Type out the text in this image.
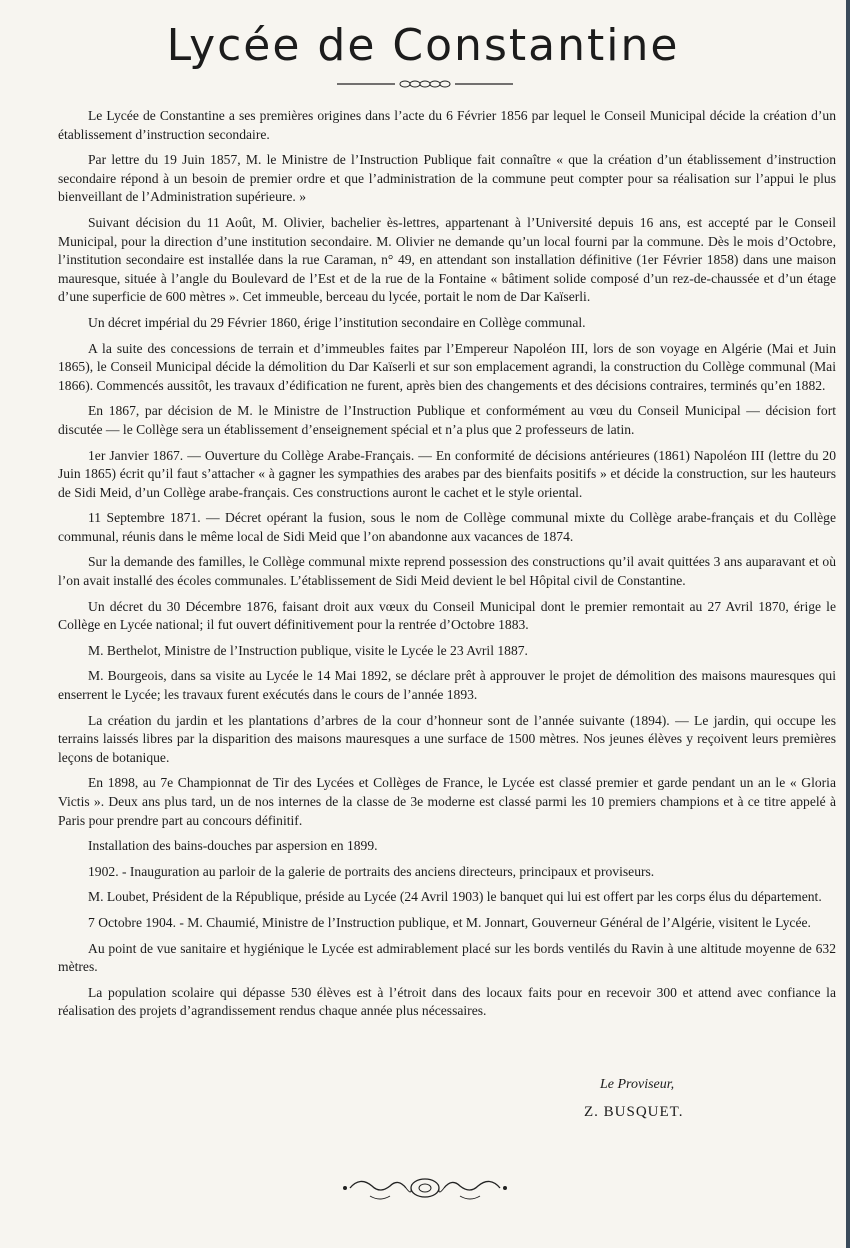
Lycée de Constantine

Le Lycée de Constantine a ses premières origines dans l’acte du 6 Février 1856 par lequel le Conseil Municipal décide la création d’un établissement d’instruction secondaire.

Par lettre du 19 Juin 1857, M. le Ministre de l’Instruction Publique fait connaître « que la création d’un établissement d’instruction secondaire répond à un besoin de premier ordre et que l’administration de la commune peut compter pour sa réalisation sur l’appui le plus bienveillant de l’Administration supérieure. »

Suivant décision du 11 Août, M. Olivier, bachelier ès-lettres, appartenant à l’Université depuis 16 ans, est accepté par le Conseil Municipal, pour la direction d’une institution secondaire. M. Olivier ne demande qu’un local fourni par la commune. Dès le mois d’Octobre, l’institution secondaire est installée dans la rue Caraman, n° 49, en attendant son installation définitive (1er Février 1858) dans une maison mauresque, située à l’angle du Boulevard de l’Est et de la rue de la Fontaine « bâtiment solide composé d’un rez-de-chaussée et d’un étage d’une superficie de 600 mètres ». Cet immeuble, berceau du lycée, portait le nom de Dar Kaïserli.

Un décret impérial du 29 Février 1860, érige l’institution secondaire en Collège communal.

A la suite des concessions de terrain et d’immeubles faites par l’Empereur Napoléon III, lors de son voyage en Algérie (Mai et Juin 1865), le Conseil Municipal décide la démolition du Dar Kaïserli et sur son emplacement agrandi, la construction du Collège communal (Mai 1866). Commencés aussitôt, les travaux d’édification ne furent, après bien des changements et des décisions contraires, terminés qu’en 1882.

En 1867, par décision de M. le Ministre de l’Instruction Publique et conformément au vœu du Conseil Municipal — décision fort discutée — le Collège sera un établissement d’enseignement spécial et n’a plus que 2 professeurs de latin.

1er Janvier 1867. — Ouverture du Collège Arabe-Français. — En conformité de décisions antérieures (1861) Napoléon III (lettre du 20 Juin 1865) écrit qu’il faut s’attacher « à gagner les sympathies des arabes par des bienfaits positifs » et décide la construction, sur les hauteurs de Sidi Meid, d’un Collège arabe-français. Ces constructions auront le cachet et le style oriental.

11 Septembre 1871. — Décret opérant la fusion, sous le nom de Collège communal mixte du Collège arabe-français et du Collège communal, réunis dans le même local de Sidi Meid que l’on abandonne aux vacances de 1874.

Sur la demande des familles, le Collège communal mixte reprend possession des constructions qu’il avait quittées 3 ans auparavant et où l’on avait installé des écoles communales. L’établissement de Sidi Meid devient le bel Hôpital civil de Constantine.

Un décret du 30 Décembre 1876, faisant droit aux vœux du Conseil Municipal dont le premier remontait au 27 Avril 1870, érige le Collège en Lycée national; il fut ouvert définitivement pour la rentrée d’Octobre 1883.

M. Berthelot, Ministre de l’Instruction publique, visite le Lycée le 23 Avril 1887.

M. Bourgeois, dans sa visite au Lycée le 14 Mai 1892, se déclare prêt à approuver le projet de démolition des maisons mauresques qui enserrent le Lycée; les travaux furent exécutés dans le cours de l’année 1893.

La création du jardin et les plantations d’arbres de la cour d’honneur sont de l’année suivante (1894). — Le jardin, qui occupe les terrains laissés libres par la disparition des maisons mauresques a une surface de 1500 mètres. Nos jeunes élèves y reçoivent leurs premières leçons de botanique.

En 1898, au 7e Championnat de Tir des Lycées et Collèges de France, le Lycée est classé premier et garde pendant un an le « Gloria Victis ». Deux ans plus tard, un de nos internes de la classe de 3e moderne est classé parmi les 10 premiers champions et à ce titre appelé à Paris pour prendre part au concours définitif.

Installation des bains-douches par aspersion en 1899.

1902. - Inauguration au parloir de la galerie de portraits des anciens directeurs, principaux et proviseurs.

M. Loubet, Président de la République, préside au Lycée (24 Avril 1903) le banquet qui lui est offert par les corps élus du département.

7 Octobre 1904. - M. Chaumié, Ministre de l’Instruction publique, et M. Jonnart, Gouverneur Général de l’Algérie, visitent le Lycée.

Au point de vue sanitaire et hygiénique le Lycée est admirablement placé sur les bords ventilés du Ravin à une altitude moyenne de 632 mètres.

La population scolaire qui dépasse 530 élèves est à l’étroit dans des locaux faits pour en recevoir 300 et attend avec confiance la réalisation des projets d’agrandissement rendus chaque année plus nécessaires.

Le Proviseur,
Z. BUSQUET.
